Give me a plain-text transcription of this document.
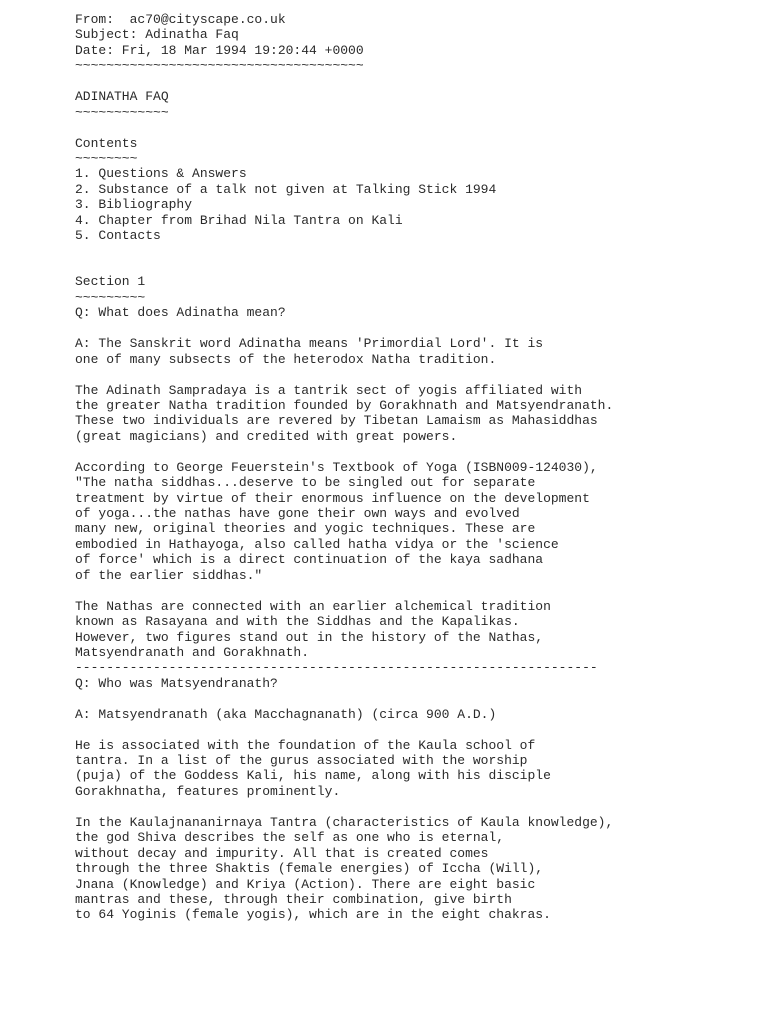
From:  ac70@cityscape.co.uk
Subject: Adinatha Faq
Date: Fri, 18 Mar 1994 19:20:44 +0000
~~~~~~~~~~~~~~~~~~~~~~~~~~~~~~~~~~~~~
ADINATHA FAQ
~~~~~~~~~~~~
Contents
~~~~~~~~
1. Questions & Answers
2. Substance of a talk not given at Talking Stick 1994
3. Bibliography
4. Chapter from Brihad Nila Tantra on Kali
5. Contacts
Section 1
~~~~~~~~~
Q: What does Adinatha mean?
A: The Sanskrit word Adinatha means 'Primordial Lord'. It is
one of many subsects of the heterodox Natha tradition.
The Adinath Sampradaya is a tantrik sect of yogis affiliated with
the greater Natha tradition founded by Gorakhnath and Matsyendranath.
These two individuals are revered by Tibetan Lamaism as Mahasiddhas
(great magicians) and credited with great powers.
According to George Feuerstein's Textbook of Yoga (ISBN009-124030),
"The natha siddhas...deserve to be singled out for separate
treatment by virtue of their enormous influence on the development
of yoga...the nathas have gone their own ways and evolved
many new, original theories and yogic techniques. These are
embodied in Hathayoga, also called hatha vidya or the 'science
of force' which is a direct continuation of the kaya sadhana
of the earlier siddhas."
The Nathas are connected with an earlier alchemical tradition
known as Rasayana and with the Siddhas and the Kapalikas.
However, two figures stand out in the history of the Nathas,
Matsyendranath and Gorakhnath.
-------------------------------------------------------------------
Q: Who was Matsyendranath?
A: Matsyendranath (aka Macchagnanath) (circa 900 A.D.)
He is associated with the foundation of the Kaula school of
tantra. In a list of the gurus associated with the worship
(puja) of the Goddess Kali, his name, along with his disciple
Gorakhnatha, features prominently.
In the Kaulajnananirnaya Tantra (characteristics of Kaula knowledge),
the god Shiva describes the self as one who is eternal,
without decay and impurity. All that is created comes
through the three Shaktis (female energies) of Iccha (Will),
Jnana (Knowledge) and Kriya (Action). There are eight basic
mantras and these, through their combination, give birth
to 64 Yoginis (female yogis), which are in the eight chakras.
